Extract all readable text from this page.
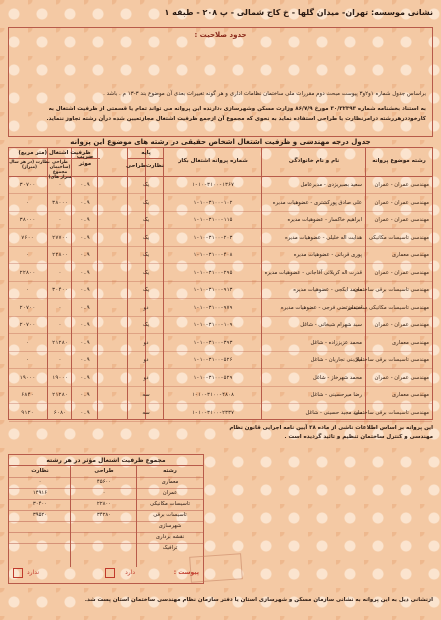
نشانی موسسه: تهران- میدان گلها - خ کاج شمالی - پ ۲۰۸ - طبقه ۱
حدود صلاحیت :
براساس جدول شماره ۱و۲و۳ پیوست مبحث دوم مقررات ملی ساختمان نظامات اداری و هر گونه تغییرات بعدی آن موضوع بند ۳-۱۳ م . باشد .
به استناد بخشنامه شماره ۳۰/۳۲۳۹۳ مورخ ۸۶/۷/۹ وزارت مسکن وشهرسازی ،دارنده این پروانه می تواند تمام یا قسمتی از ظرفیت اشتغال به کارخوددرهررشته درامرنظارت یا طراحی استفاده نماید به نحوی که مجموع آن ازجمع ظرفیت اشتغال مجازتعیین شده درآن رشته تجاوز ننماید.
جدول درجه مهندسی و ظرفیت اشتغال اشخاص حقیقی در رشته های موضوع این پروانه
رشته موضوع پروانه
نام و نام خانوادگی
شماره پروانه اشتغال بکار
پایه
نظارت
طراحی
ضریب موثر
ظرفیت اشتغال (متر مربع)
طراحی (ساختمان مجموع متراژ های)
نظارت (در هر سال (متراژ)
مهندسی عمران - عمران
سعید بصیریزدی - مدیرعامل
۱-۱۰-۳۱۰۰-۱۳۶۷
یک
۰.۹
۰
۳۰۷۰۰
مهندسی عمران - عمران
علی صادق پورکشتری - عضوهیات مدیره
۱-۱۰-۳۱۰۰-۱۰۲
یک
۰.۹
۳۸۰۰۰
۰
مهندسی عمران - عمران
ابراهیم خاکسار - عضوهیات مدیره
۱-۱۰-۳۱۰۰-۱۱۵
یک
۰.۹
۰
۳۸۰۰۰
مهندسی تاسیسات مکانیکی
هدایت اله خلیلی - عضوهیات مدیره
۱-۱۰-۳۱۰۰-۲۰۳
یک
۰.۹
۲۷۷۰۰
۷۶۰۰
مهندسی معماری
پوری قربانی - عضوهیات مدیره
۱-۱۰-۳۱۰۰-۴۰۸
یک
۰.۹
۲۲۸۰۰
۰
مهندسی عمران - عمران
قدرت اله کریلائی آقاجانی - عضوهیات مدیره
۱-۱۰-۳۱۰۰-۲۹۵
یک
۰.۹
۰
۲۲۸۰۰
مهندسی تاسیسات برقی ساختمان
محمد ایکجی - عضوهیات مدیره
۱-۱۰-۳۱۰۰-۹۱۳
یک
۰.۹
۳۰۴۰۰
۰
مهندسی تاسیسات مکانیکی ساختمان
سیدمرتضی فرجی - عضوهیات مدیره
۱-۱۰-۳۱۰۰-۹۷۹
دو
۰.۹
۰
۲۰۷۰۰
مهندسی عمران - عمران
سید شهرام شیخانی - شاغل
۱-۱۰-۳۱۰۰-۱۰۹
یک
۰.۹
۰
۲۰۷۰۰
مهندسی معماری
محمد عزیززاده - شاغل
۱-۱۰-۳۱۰۰-۳۹۳
دو
۰.۹
۲۱۲۸۰
۰
مهندسی تاسیسات برقی ساختمان
لیلا بنی نجاریان - شاغل
۱-۱۰-۳۱۰۰-۵۲۶
دو
۰.۹
۰
۰
مهندسی عمران - عمران
محمد شهرخاز - شاغل
۱-۱۰-۳۱۰۰-۵۲۹
دو
۰.۹
۱۹۰۰۰
۱۹۰۰۰
مهندسی معماری
رضا میرحسینی - شاغل
۱-۱۰-۳۱۰۰-۴۸۰۸
سه
۰.۹
۲۱۲۸۰
۶۸۴۰
مهندسی تاسیسات برقی ساختمان
سید مجید حسینی - شاغل
۱-۱۰-۳۱۰۰-۲۳۳۷
سه
۰.۹
۶۰۸۰
۹۱۲۰
این پروانه بر اساس اطلاعات ناشی از ماده ۲۸ آیین نامه اجرایی قانون نظام مهندسی و کنترل ساختمان تنظیم و تائید گردیده است .
مجموع ظرفیت اشتغال مؤثر در هر رشته
رشته
طراحی
نظارت
معماری
۴۵۶۰۰
۰
عمران
۰
۱۴۹۱۶
تاسیسات مکانیکی
۲۲۸۰۰
۳۰۴۰۰
تاسیسات برقی
۳۴۲۸۰
۳۹۵۲۰
شهرسازی
نقشه برداری
ترافیک
پیوست :
دارد
ندارد
ازنشانی ذیل به این پروانه به نشانی سازمان مسکن و شهرسازی استان یا دفتر سازمان نظام مهندسی ساختمان استان پست شد.
